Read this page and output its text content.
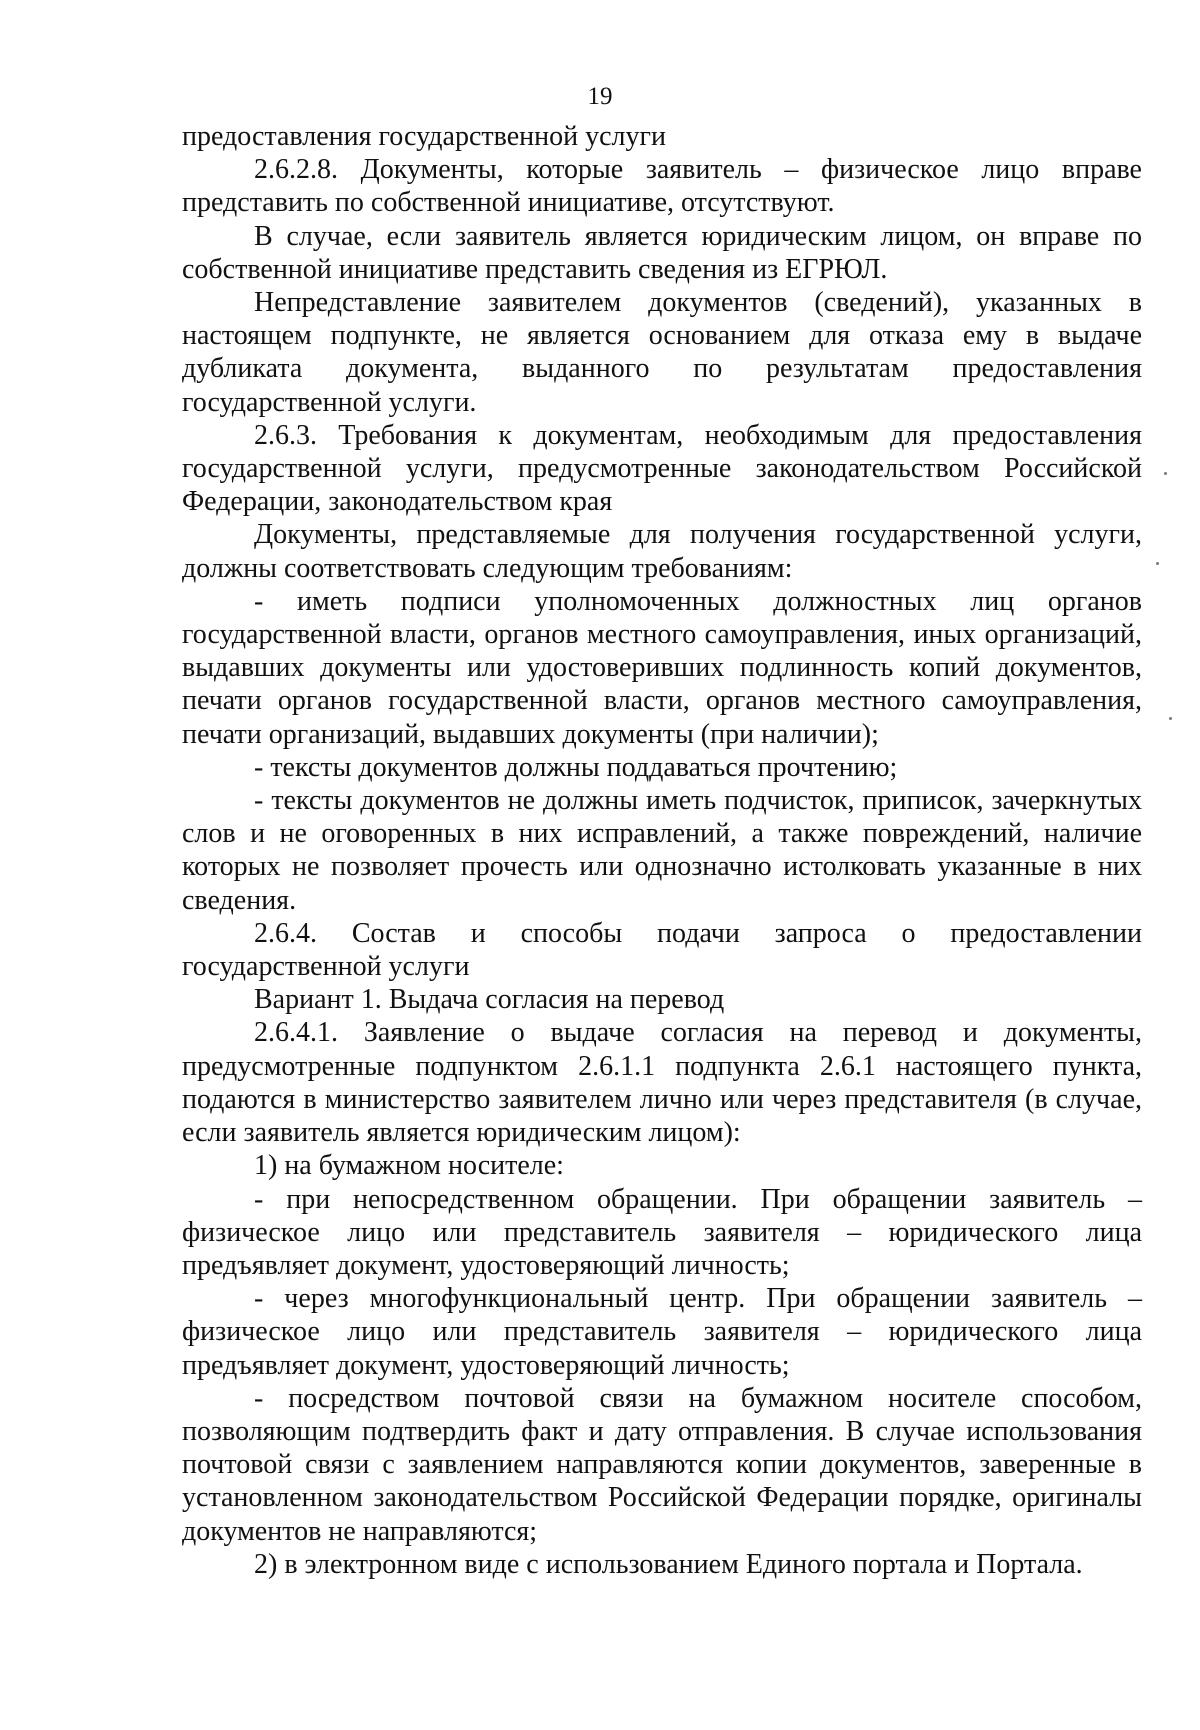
19

предоставления государственной услуги

2.6.2.8. Документы, которые заявитель – физическое лицо вправе представить по собственной инициативе, отсутствуют.

В случае, если заявитель является юридическим лицом, он вправе по собственной инициативе представить сведения из ЕГРЮЛ.

Непредставление заявителем документов (сведений), указанных в настоящем подпункте, не является основанием для отказа ему в выдаче дубликата документа, выданного по результатам предоставления государственной услуги.

2.6.3. Требования к документам, необходимым для предоставления государственной услуги, предусмотренные законодательством Российской Федерации, законодательством края

Документы, представляемые для получения государственной услуги, должны соответствовать следующим требованиям:

- иметь подписи уполномоченных должностных лиц органов государственной власти, органов местного самоуправления, иных организаций, выдавших документы или удостоверивших подлинность копий документов, печати органов государственной власти, органов местного самоуправления, печати организаций, выдавших документы (при наличии);

- тексты документов должны поддаваться прочтению;

- тексты документов не должны иметь подчисток, приписок, зачеркнутых слов и не оговоренных в них исправлений, а также повреждений, наличие которых не позволяет прочесть или однозначно истолковать указанные в них сведения.

2.6.4. Состав и способы подачи запроса о предоставлении государственной услуги

Вариант 1. Выдача согласия на перевод

2.6.4.1. Заявление о выдаче согласия на перевод и документы, предусмотренные подпунктом 2.6.1.1 подпункта 2.6.1 настоящего пункта, подаются в министерство заявителем лично или через представителя (в случае, если заявитель является юридическим лицом):

1) на бумажном носителе:

- при непосредственном обращении. При обращении заявитель – физическое лицо или представитель заявителя – юридического лица предъявляет документ, удостоверяющий личность;

- через многофункциональный центр. При обращении заявитель – физическое лицо или представитель заявителя – юридического лица предъявляет документ, удостоверяющий личность;

- посредством почтовой связи на бумажном носителе способом, позволяющим подтвердить факт и дату отправления. В случае использования почтовой связи с заявлением направляются копии документов, заверенные в установленном законодательством Российской Федерации порядке, оригиналы документов не направляются;

2) в электронном виде с использованием Единого портала и Портала.
